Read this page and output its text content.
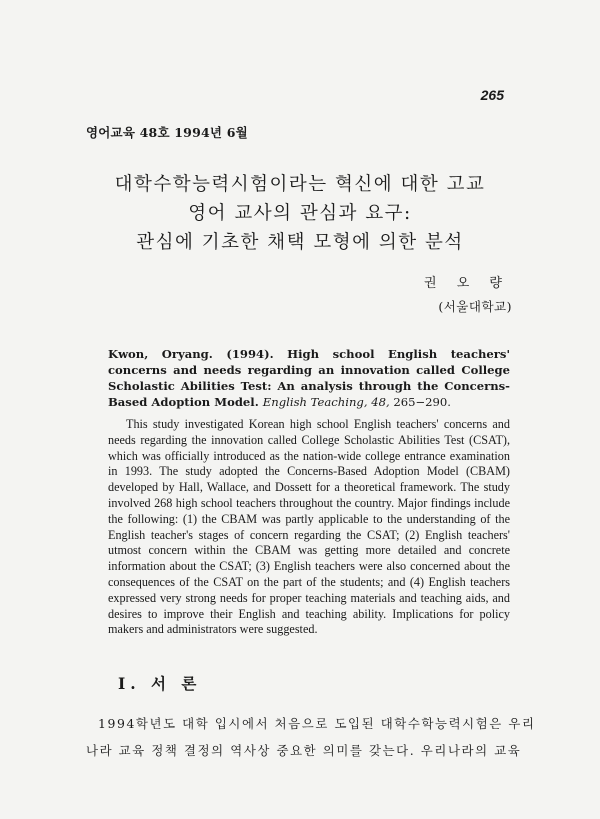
265
영어교육 48호 1994년 6월
대학수학능력시험이라는 혁신에 대한 고교
영어 교사의 관심과 요구:
관심에 기초한 채택 모형에 의한 분석
권 오 량
(서울대학교)
Kwon, Oryang. (1994). High school English teachers' concerns and needs regarding an innovation called College Scholastic Abilities Test: An analysis through the Concerns-Based Adoption Model. English Teaching, 48, 265−290.

This study investigated Korean high school English teachers' concerns and needs regarding the innovation called College Scholastic Abilities Test (CSAT), which was officially introduced as the nation-wide college entrance examination in 1993. The study adopted the Concerns-Based Adoption Model (CBAM) developed by Hall, Wallace, and Dossett for a theoretical framework. The study involved 268 high school teachers throughout the country. Major findings include the following: (1) the CBAM was partly applicable to the understanding of the English teacher's stages of concern regarding the CSAT; (2) English teachers' utmost concern within the CBAM was getting more detailed and concrete information about the CSAT; (3) English teachers were also concerned about the consequences of the CSAT on the part of the students; and (4) English teachers expressed very strong needs for proper teaching materials and teaching aids, and desires to improve their English and teaching ability. Implications for policy makers and administrators were suggested.

I. 서 론
1994학년도 대학 입시에서 처음으로 도입된 대학수학능력시험은 우리
나라 교육 정책 결정의 역사상 중요한 의미를 갖는다. 우리나라의 교육
